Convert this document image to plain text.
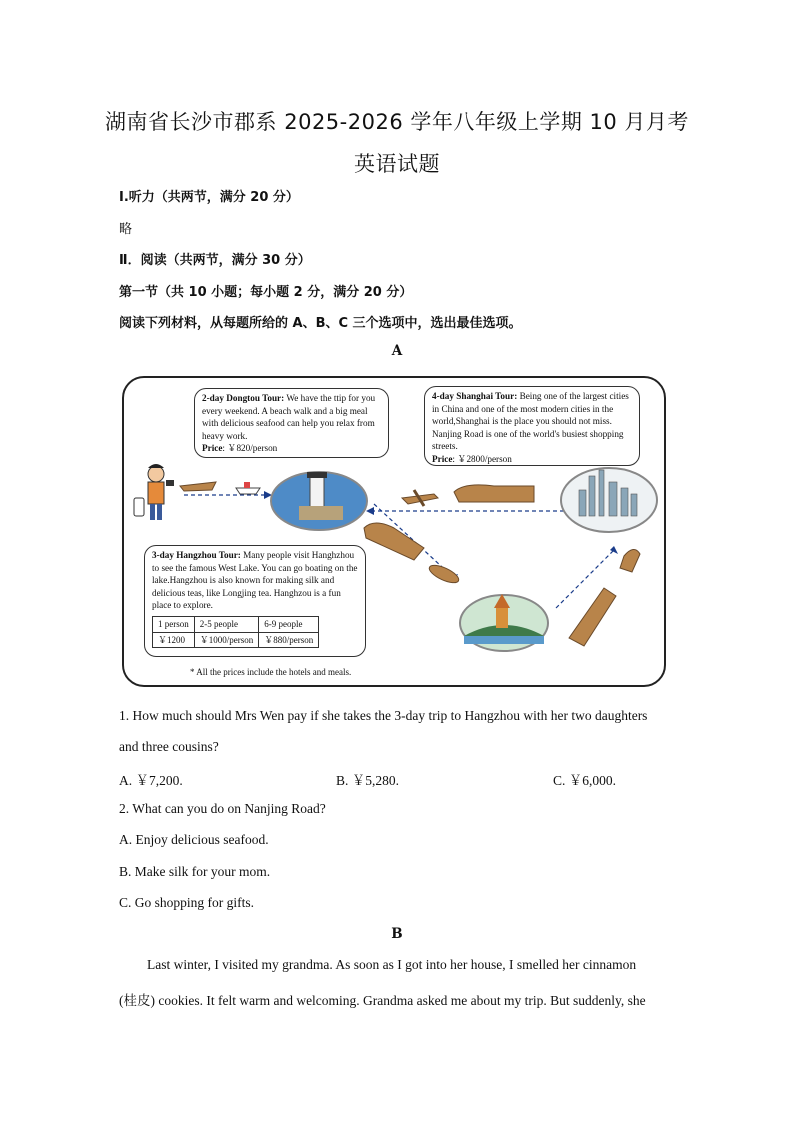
湖南省长沙市郡系 2025-2026 学年八年级上学期 10 月月考
英语试题
Ⅰ.听力（共两节，满分 20 分）
略
Ⅱ．阅读（共两节，满分 30 分）
第一节（共 10 小题；每小题 2 分，满分 20 分）
阅读下列材料，从每题所给的 A、B、C 三个选项中，选出最佳选项。
A
2-day Dongtou Tour: We have the ttip for you every weekend. A beach walk and a big meal with delicious seafood can help you relax from heavy work.
Price: ￥820/person
4-day Shanghai Tour: Being one of the largest cities in China and one of the most modern cities in the world,Shanghai is the place you should not miss. Nanjing Road is one of the world's busiest shopping streets.
Price: ￥2800/person
3-day Hangzhou Tour: Many people visit Hanghzhou to see the famous West Lake. You can go boating on the lake.Hangzhou is also known for making silk and delicious teas, like Longjing tea. Hanghzou is a fun place to explore.
1 person	2-5 people	6-9 people
￥1200	￥1000/person	￥880/person
* All the prices include the hotels and meals.
1. How much should Mrs Wen pay if she takes the 3-day trip to Hangzhou with her two daughters
and three cousins?
A. ￥7,200.	B. ￥5,280.	C. ￥6,000.
2. What can you do on Nanjing Road?
A. Enjoy delicious seafood.
B. Make silk for your mom.
C. Go shopping for gifts.
B
Last winter, I visited my grandma. As soon as I got into her house, I smelled her cinnamon
(桂皮) cookies. It felt warm and welcoming. Grandma asked me about my trip. But suddenly, she
